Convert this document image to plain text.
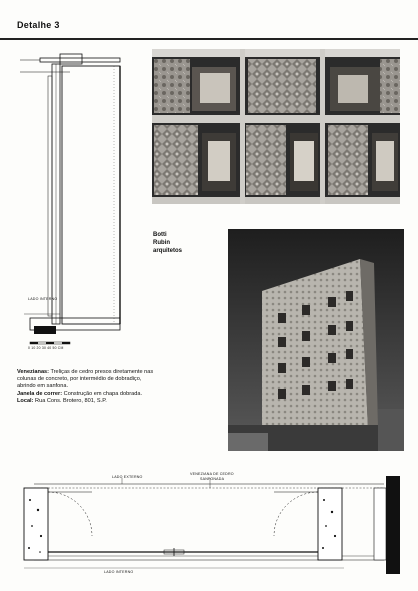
Detalhe 3
LADO INTERNO
0 10 20 30 40 50 CM
Botti
Rubin
arquitetos
Venezianas: Treliças de cedro presos diretamente nas
colunas de concreto, por intermédio de dobradiço,
abrindo em sanfona.
Janela de correr: Construção em chapa dobrada.
Local: Rua Cons. Brotero, 801, S.P.
LADO EXTERNO
VENEZIANA DE CEDRO
SANFONADA
LADO INTERNO
